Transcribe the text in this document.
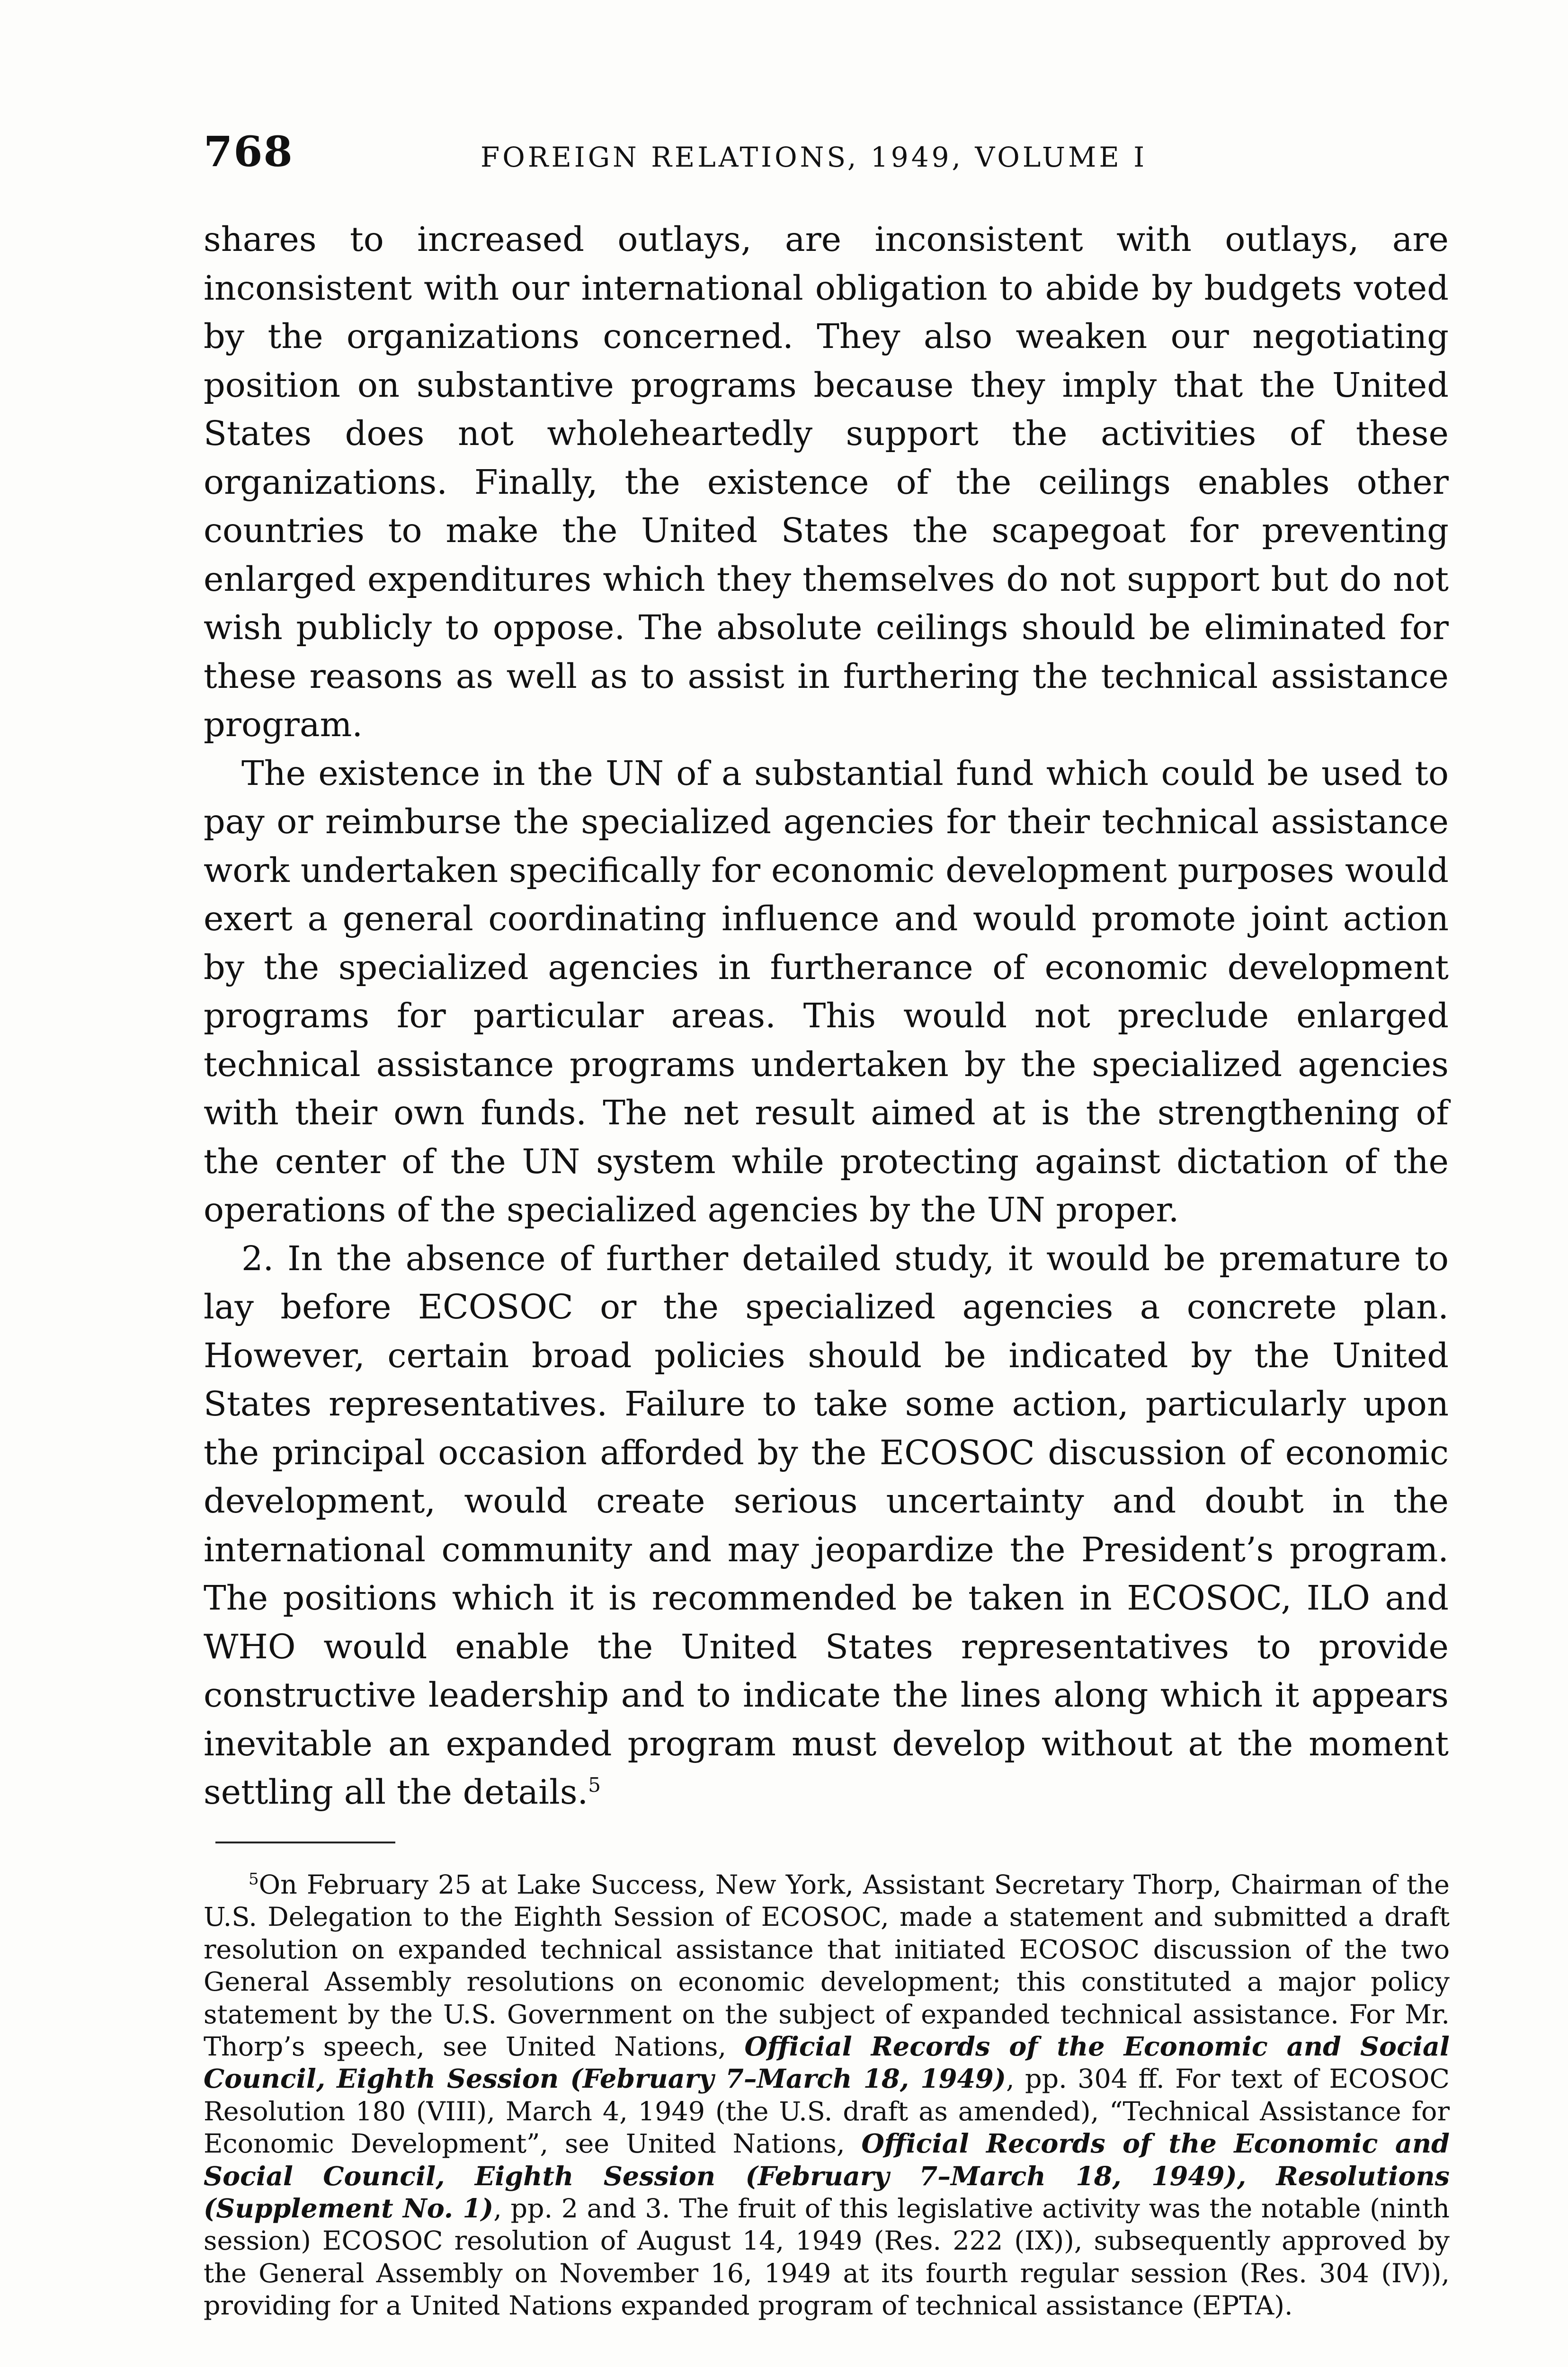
768	FOREIGN RELATIONS, 1949, VOLUME I

shares to increased outlays, are inconsistent with outlays, are inconsistent with our international obligation to abide by budgets voted by the organizations concerned. They also weaken our negotiating position on substantive programs because they imply that the United States does not wholeheartedly support the activities of these organizations. Finally, the existence of the ceilings enables other countries to make the United States the scapegoat for preventing enlarged expenditures which they themselves do not support but do not wish publicly to oppose. The absolute ceilings should be eliminated for these reasons as well as to assist in furthering the technical assistance program.

The existence in the UN of a substantial fund which could be used to pay or reimburse the specialized agencies for their technical assistance work undertaken specifically for economic development purposes would exert a general coordinating influence and would promote joint action by the specialized agencies in furtherance of economic development programs for particular areas. This would not preclude enlarged technical assistance programs undertaken by the specialized agencies with their own funds. The net result aimed at is the strengthening of the center of the UN system while protecting against dictation of the operations of the specialized agencies by the UN proper.

2. In the absence of further detailed study, it would be premature to lay before ECOSOC or the specialized agencies a concrete plan. However, certain broad policies should be indicated by the United States representatives. Failure to take some action, particularly upon the principal occasion afforded by the ECOSOC discussion of economic development, would create serious uncertainty and doubt in the international community and may jeopardize the President’s program. The positions which it is recommended be taken in ECOSOC, ILO and WHO would enable the United States representatives to provide constructive leadership and to indicate the lines along which it appears inevitable an expanded program must develop without at the moment settling all the details.$^5$

$^5$On February 25 at Lake Success, New York, Assistant Secretary Thorp, Chairman of the U.S. Delegation to the Eighth Session of ECOSOC, made a statement and submitted a draft resolution on expanded technical assistance that initiated ECOSOC discussion of the two General Assembly resolutions on economic development; this constituted a major policy statement by the U.S. Government on the subject of expanded technical assistance. For Mr. Thorp’s speech, see United Nations, Official Records of the Economic and Social Council, Eighth Session (February 7–March 18, 1949), pp. 304 ff. For text of ECOSOC Resolution 180 (VIII), March 4, 1949 (the U.S. draft as amended), “Technical Assistance for Economic Development”, see United Nations, Official Records of the Economic and Social Council, Eighth Session (February 7–March 18, 1949), Resolutions (Supplement No. 1), pp. 2 and 3. The fruit of this legislative activity was the notable (ninth session) ECOSOC resolution of August 14, 1949 (Res. 222 (IX)), subsequently approved by the General Assembly on November 16, 1949 at its fourth regular session (Res. 304 (IV)), providing for a United Nations expanded program of technical assistance (EPTA).
